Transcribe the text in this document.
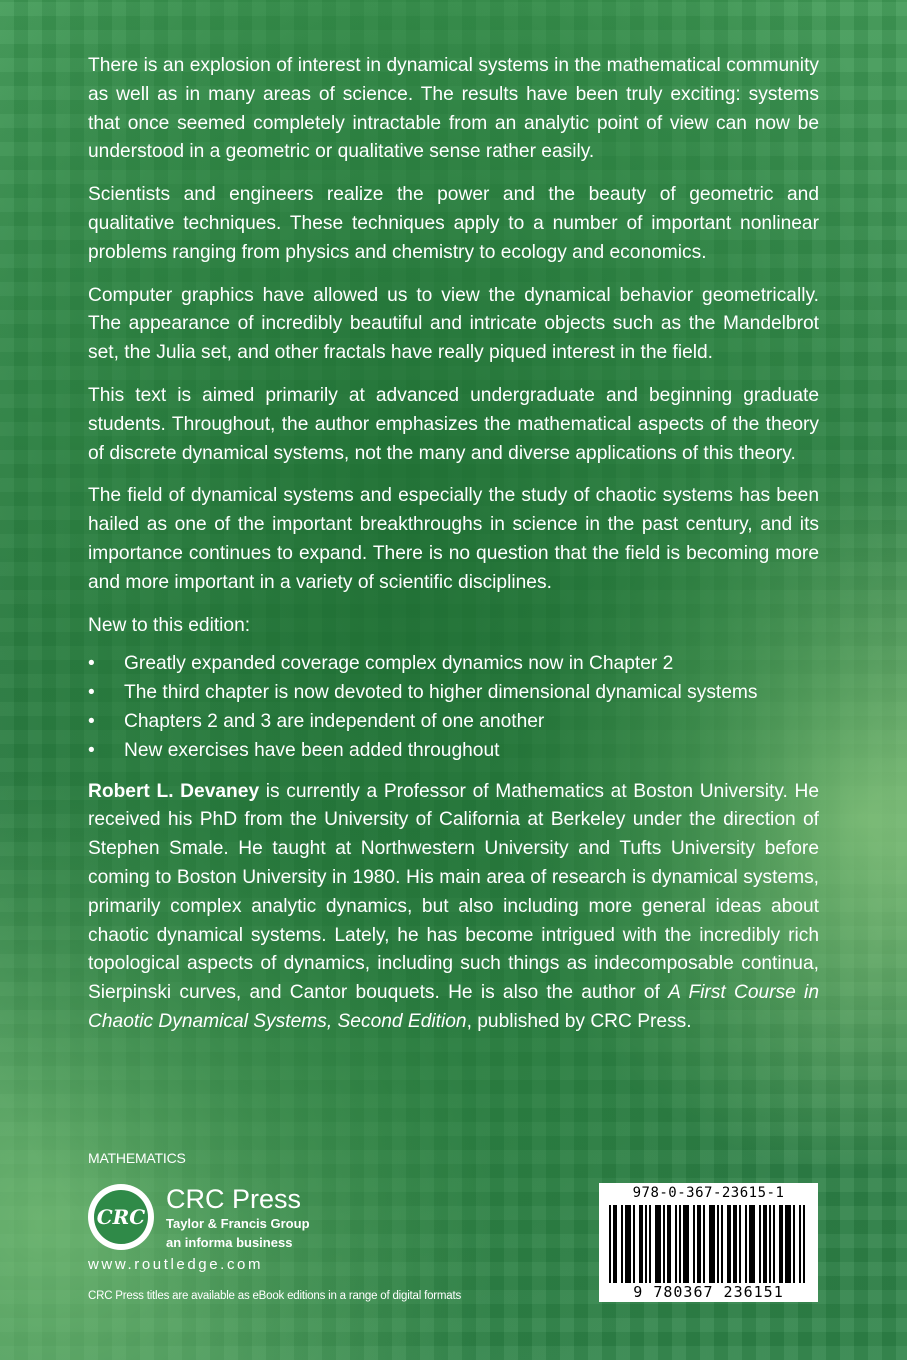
There is an explosion of interest in dynamical systems in the mathematical community as well as in many areas of science. The results have been truly exciting: systems that once seemed completely intractable from an analytic point of view can now be understood in a geometric or qualitative sense rather easily.

Scientists and engineers realize the power and the beauty of geometric and qualitative techniques. These techniques apply to a number of important nonlinear problems ranging from physics and chemistry to ecology and economics.

Computer graphics have allowed us to view the dynamical behavior geometrically. The appearance of incredibly beautiful and intricate objects such as the Mandelbrot set, the Julia set, and other fractals have really piqued interest in the field.

This text is aimed primarily at advanced undergraduate and beginning graduate students. Throughout, the author emphasizes the mathematical aspects of the theory of discrete dynamical systems, not the many and diverse applications of this theory.

The field of dynamical systems and especially the study of chaotic systems has been hailed as one of the important breakthroughs in science in the past century, and its importance continues to expand. There is no question that the field is becoming more and more important in a variety of scientific disciplines.

New to this edition:

• Greatly expanded coverage complex dynamics now in Chapter 2
• The third chapter is now devoted to higher dimensional dynamical systems
• Chapters 2 and 3 are independent of one another
• New exercises have been added throughout

Robert L. Devaney is currently a Professor of Mathematics at Boston University. He received his PhD from the University of California at Berkeley under the direction of Stephen Smale. He taught at Northwestern University and Tufts University before coming to Boston University in 1980. His main area of research is dynamical systems, primarily complex analytic dynamics, but also including more general ideas about chaotic dynamical systems. Lately, he has become intrigued with the incredibly rich topological aspects of dynamics, including such things as indecomposable continua, Sierpinski curves, and Cantor bouquets. He is also the author of A First Course in Chaotic Dynamical Systems, Second Edition, published by CRC Press.

MATHEMATICS
CRC
CRC Press
Taylor & Francis Group
an informa business
www.routledge.com
CRC Press titles are available as eBook editions in a range of digital formats
978-0-367-23615-1
9 780367 236151
